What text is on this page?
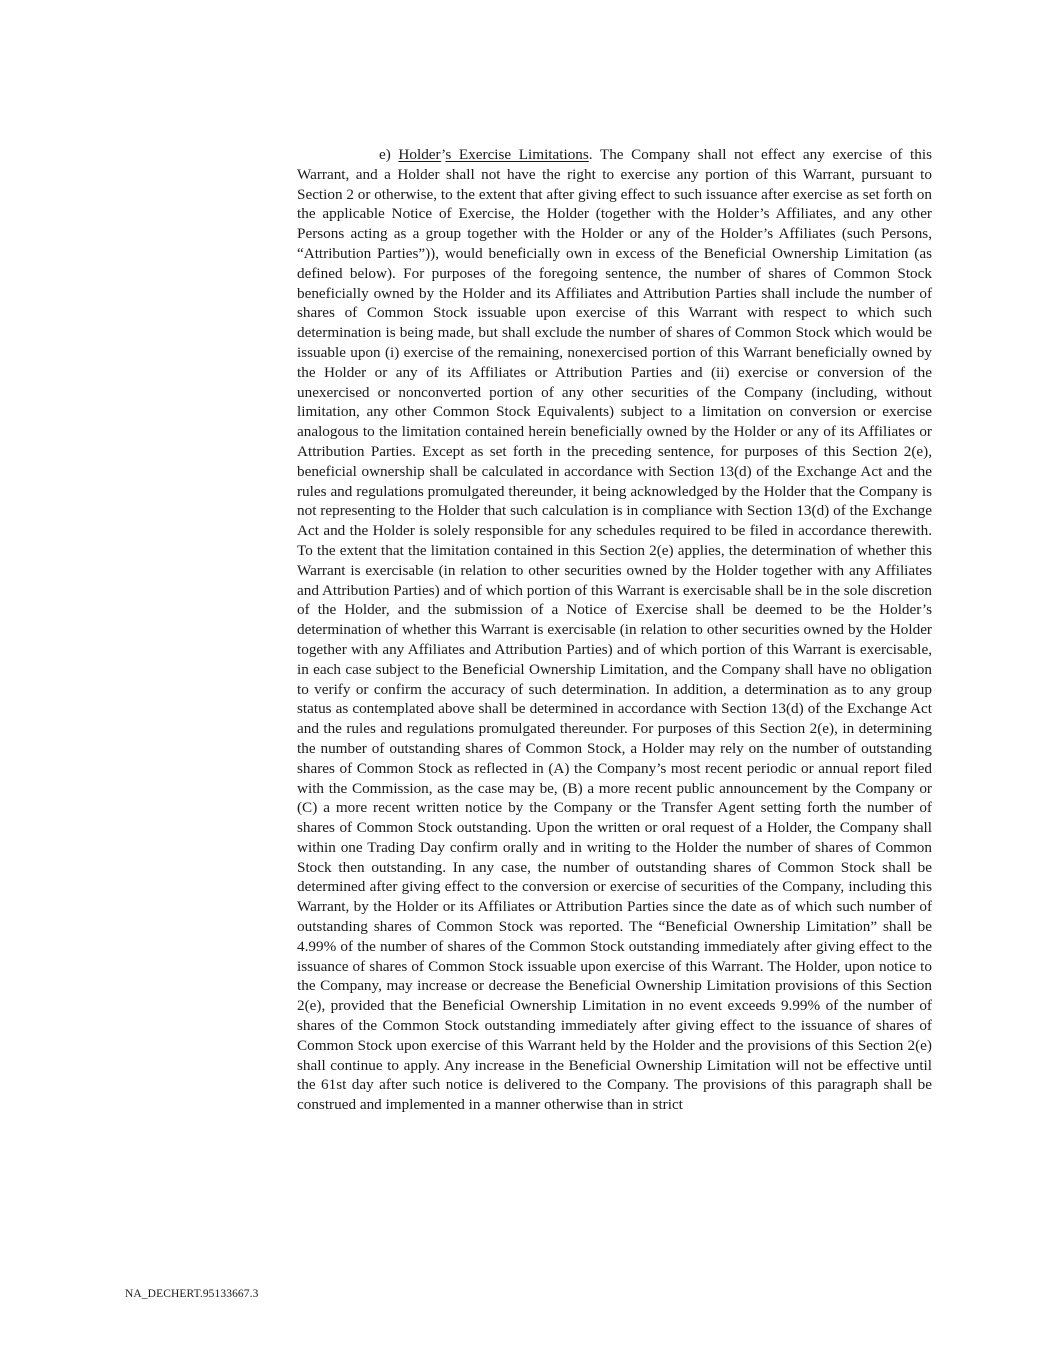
e) Holder’s Exercise Limitations. The Company shall not effect any exercise of this Warrant, and a Holder shall not have the right to exercise any portion of this Warrant, pursuant to Section 2 or otherwise, to the extent that after giving effect to such issuance after exercise as set forth on the applicable Notice of Exercise, the Holder (together with the Holder’s Affiliates, and any other Persons acting as a group together with the Holder or any of the Holder’s Affiliates (such Persons, “Attribution Parties”)), would beneficially own in excess of the Beneficial Ownership Limitation (as defined below). For purposes of the foregoing sentence, the number of shares of Common Stock beneficially owned by the Holder and its Affiliates and Attribution Parties shall include the number of shares of Common Stock issuable upon exercise of this Warrant with respect to which such determination is being made, but shall exclude the number of shares of Common Stock which would be issuable upon (i) exercise of the remaining, nonexercised portion of this Warrant beneficially owned by the Holder or any of its Affiliates or Attribution Parties and (ii) exercise or conversion of the unexercised or nonconverted portion of any other securities of the Company (including, without limitation, any other Common Stock Equivalents) subject to a limitation on conversion or exercise analogous to the limitation contained herein beneficially owned by the Holder or any of its Affiliates or Attribution Parties. Except as set forth in the preceding sentence, for purposes of this Section 2(e), beneficial ownership shall be calculated in accordance with Section 13(d) of the Exchange Act and the rules and regulations promulgated thereunder, it being acknowledged by the Holder that the Company is not representing to the Holder that such calculation is in compliance with Section 13(d) of the Exchange Act and the Holder is solely responsible for any schedules required to be filed in accordance therewith. To the extent that the limitation contained in this Section 2(e) applies, the determination of whether this Warrant is exercisable (in relation to other securities owned by the Holder together with any Affiliates and Attribution Parties) and of which portion of this Warrant is exercisable shall be in the sole discretion of the Holder, and the submission of a Notice of Exercise shall be deemed to be the Holder’s determination of whether this Warrant is exercisable (in relation to other securities owned by the Holder together with any Affiliates and Attribution Parties) and of which portion of this Warrant is exercisable, in each case subject to the Beneficial Ownership Limitation, and the Company shall have no obligation to verify or confirm the accuracy of such determination. In addition, a determination as to any group status as contemplated above shall be determined in accordance with Section 13(d) of the Exchange Act and the rules and regulations promulgated thereunder. For purposes of this Section 2(e), in determining the number of outstanding shares of Common Stock, a Holder may rely on the number of outstanding shares of Common Stock as reflected in (A) the Company’s most recent periodic or annual report filed with the Commission, as the case may be, (B) a more recent public announcement by the Company or (C) a more recent written notice by the Company or the Transfer Agent setting forth the number of shares of Common Stock outstanding. Upon the written or oral request of a Holder, the Company shall within one Trading Day confirm orally and in writing to the Holder the number of shares of Common Stock then outstanding. In any case, the number of outstanding shares of Common Stock shall be determined after giving effect to the conversion or exercise of securities of the Company, including this Warrant, by the Holder or its Affiliates or Attribution Parties since the date as of which such number of outstanding shares of Common Stock was reported. The “Beneficial Ownership Limitation” shall be 4.99% of the number of shares of the Common Stock outstanding immediately after giving effect to the issuance of shares of Common Stock issuable upon exercise of this Warrant. The Holder, upon notice to the Company, may increase or decrease the Beneficial Ownership Limitation provisions of this Section 2(e), provided that the Beneficial Ownership Limitation in no event exceeds 9.99% of the number of shares of the Common Stock outstanding immediately after giving effect to the issuance of shares of Common Stock upon exercise of this Warrant held by the Holder and the provisions of this Section 2(e) shall continue to apply. Any increase in the Beneficial Ownership Limitation will not be effective until the 61st day after such notice is delivered to the Company. The provisions of this paragraph shall be construed and implemented in a manner otherwise than in strict

NA_DECHERT.95133667.3
